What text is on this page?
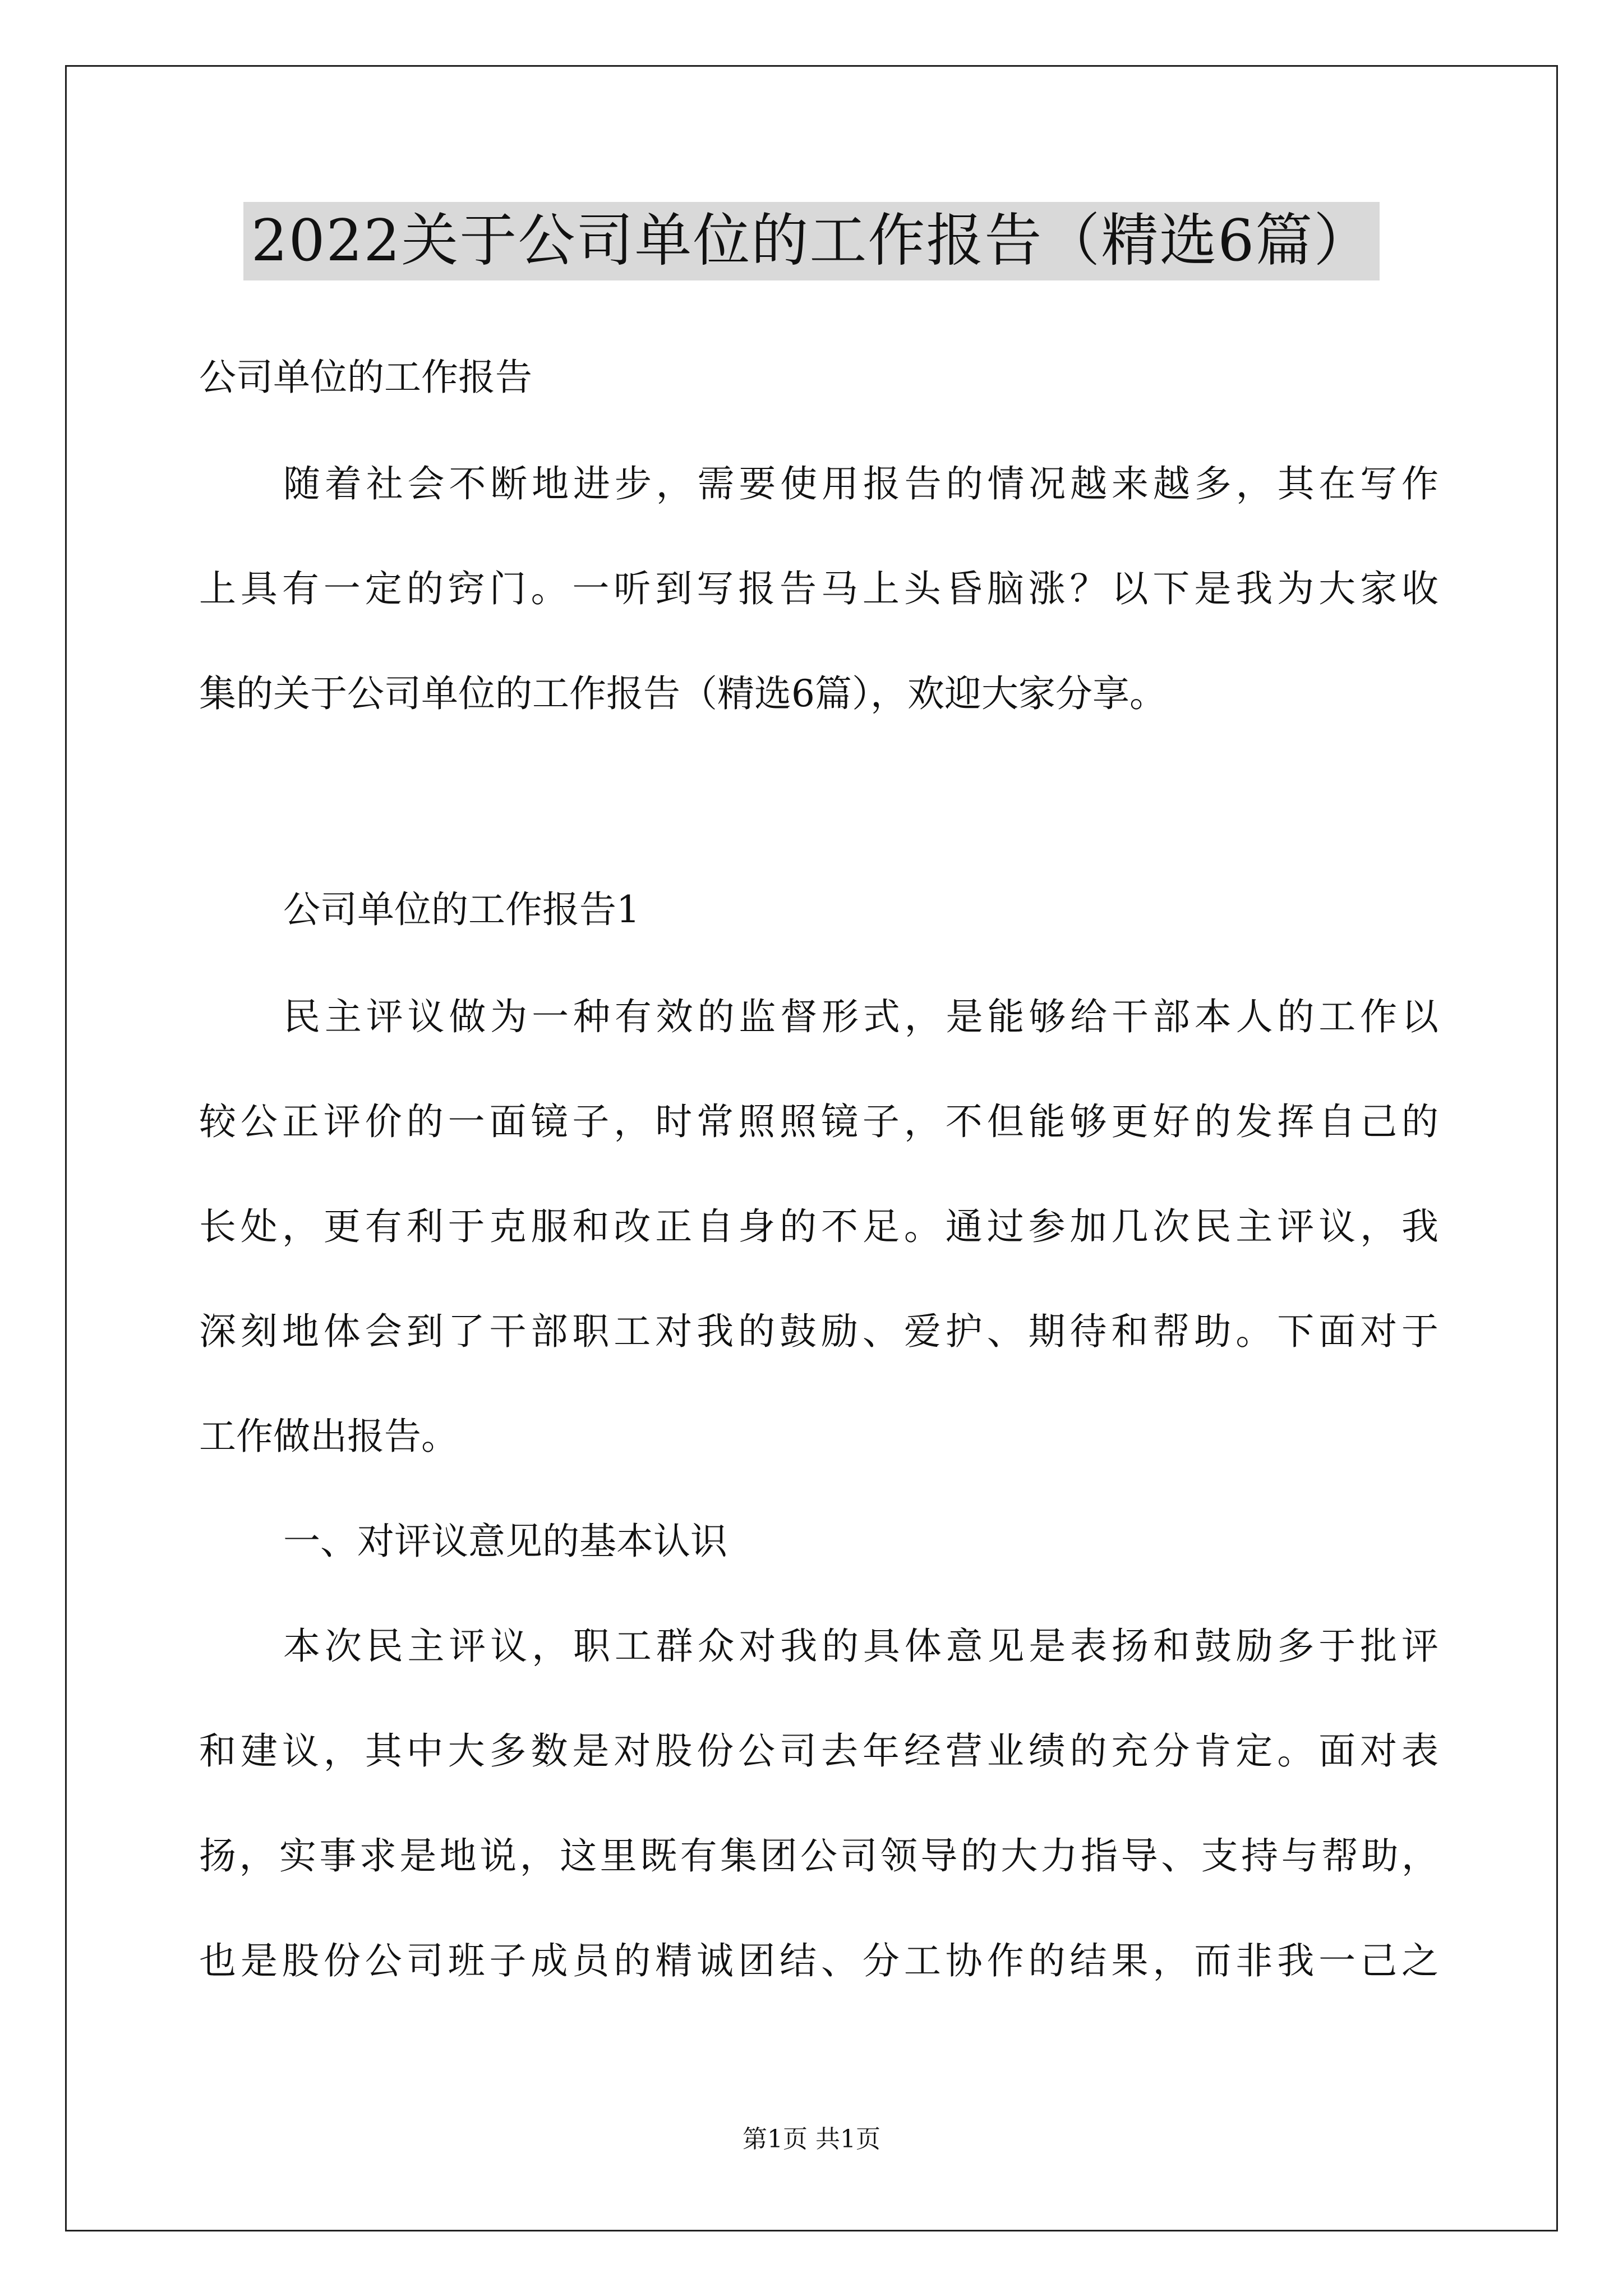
2022关于公司单位的工作报告（精选6篇）
公司单位的工作报告
随着社会不断地进步，需要使用报告的情况越来越多，其在写作
上具有一定的窍门。一听到写报告马上头昏脑涨？以下是我为大家收
集的关于公司单位的工作报告（精选6篇），欢迎大家分享。
公司单位的工作报告1
民主评议做为一种有效的监督形式，是能够给干部本人的工作以
较公正评价的一面镜子，时常照照镜子，不但能够更好的发挥自己的
长处，更有利于克服和改正自身的不足。通过参加几次民主评议，我
深刻地体会到了干部职工对我的鼓励、爱护、期待和帮助。下面对于
工作做出报告。
一、对评议意见的基本认识
本次民主评议，职工群众对我的具体意见是表扬和鼓励多于批评
和建议，其中大多数是对股份公司去年经营业绩的充分肯定。面对表
扬，实事求是地说，这里既有集团公司领导的大力指导、支持与帮助，
也是股份公司班子成员的精诚团结、分工协作的结果，而非我一己之
第1页 共1页
